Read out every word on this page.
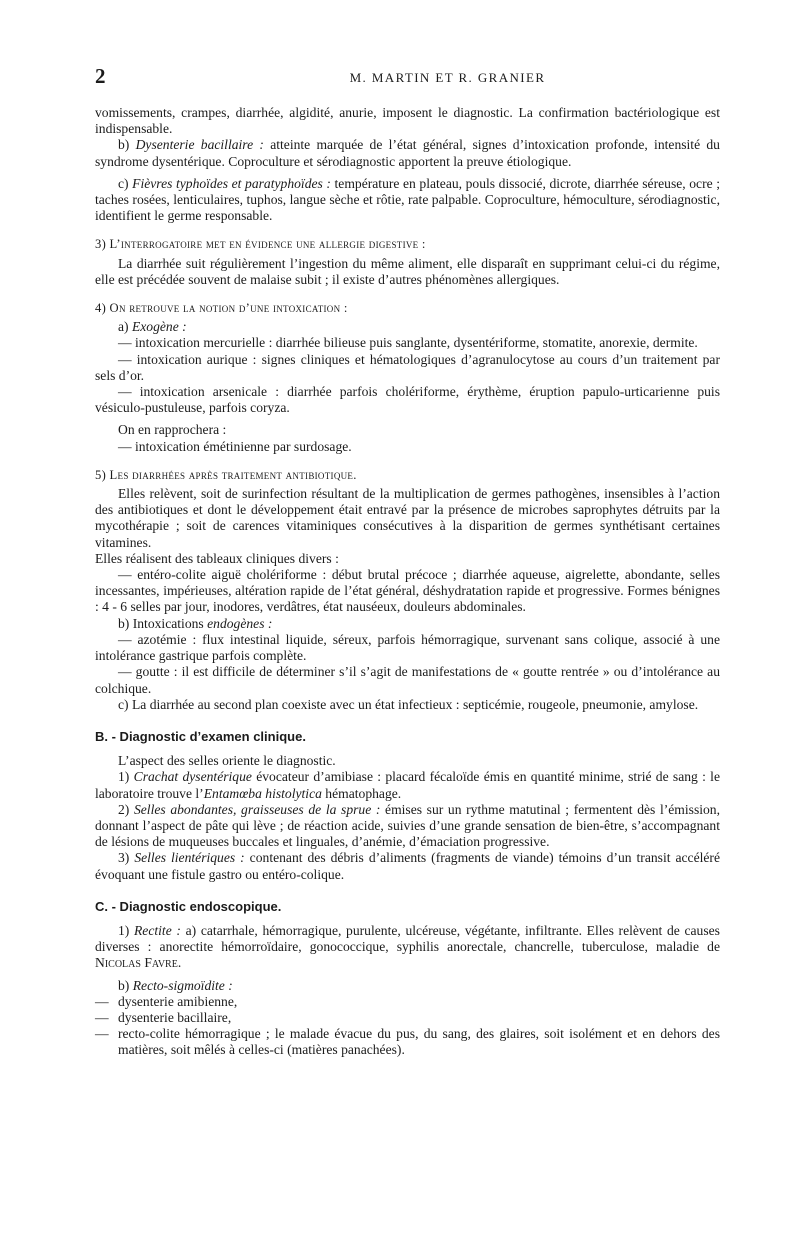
2	M. MARTIN ET R. GRANIER

vomissements, crampes, diarrhée, algidité, anurie, imposent le diagnostic. La confirmation bactériologique est indispensable.

b) Dysenterie bacillaire : atteinte marquée de l’état général, signes d’intoxication profonde, intensité du syndrome dysentérique. Coproculture et sérodiagnostic apportent la preuve étiologique.

c) Fièvres typhoïdes et paratyphoïdes : température en plateau, pouls dissocié, dicrote, diarrhée séreuse, ocre ; taches rosées, lenticulaires, tuphos, langue sèche et rôtie, rate palpable. Coproculture, hémoculture, sérodiagnostic, identifient le germe responsable.

3) L’interrogatoire met en évidence une allergie digestive :

La diarrhée suit régulièrement l’ingestion du même aliment, elle disparaît en supprimant celui-ci du régime, elle est précédée souvent de malaise subit ; il existe d’autres phénomènes allergiques.

4) On retrouve la notion d’une intoxication :

a) Exogène :

— intoxication mercurielle : diarrhée bilieuse puis sanglante, dysentériforme, stomatite, anorexie, dermite.

— intoxication aurique : signes cliniques et hématologiques d’agranulocytose au cours d’un traitement par sels d’or.

— intoxication arsenicale : diarrhée parfois cholériforme, érythème, éruption papulo-urticarienne puis vésiculo-pustuleuse, parfois coryza.

On en rapprochera :

— intoxication émétinienne par surdosage.

5) Les diarrhées après traitement antibiotique.

Elles relèvent, soit de surinfection résultant de la multiplication de germes pathogènes, insensibles à l’action des antibiotiques et dont le développement était entravé par la présence de microbes saprophytes détruits par la mycothérapie ; soit de carences vitaminiques consécutives à la disparition de germes synthétisant certaines vitamines.

Elles réalisent des tableaux cliniques divers :

— entéro-colite aiguë cholériforme : début brutal précoce ; diarrhée aqueuse, aigrelette, abondante, selles incessantes, impérieuses, altération rapide de l’état général, déshydratation rapide et progressive. Formes bénignes : 4 - 6 selles par jour, inodores, verdâtres, état nauséeux, douleurs abdominales.

b) Intoxications endogènes :

— azotémie : flux intestinal liquide, séreux, parfois hémorragique, survenant sans colique, associé à une intolérance gastrique parfois complète.

— goutte : il est difficile de déterminer s’il s’agit de manifestations de « goutte rentrée » ou d’intolérance au colchique.

c) La diarrhée au second plan coexiste avec un état infectieux : septicémie, rougeole, pneumonie, amylose.

B. - Diagnostic d’examen clinique.

L’aspect des selles oriente le diagnostic.

1) Crachat dysentérique évocateur d’amibiase : placard fécaloïde émis en quantité minime, strié de sang : le laboratoire trouve l’Entamœba histolytica hématophage.

2) Selles abondantes, graisseuses de la sprue : émises sur un rythme matutinal ; fermentent dès l’émission, donnant l’aspect de pâte qui lève ; de réaction acide, suivies d’une grande sensation de bien-être, s’accompagnant de lésions de muqueuses buccales et linguales, d’anémie, d’émaciation progressive.

3) Selles lientériques : contenant des débris d’aliments (fragments de viande) témoins d’un transit accéléré évoquant une fistule gastro ou entéro-colique.

C. - Diagnostic endoscopique.

1) Rectite : a) catarrhale, hémorragique, purulente, ulcéreuse, végétante, infiltrante. Elles relèvent de causes diverses : anorectite hémorroïdaire, gonococcique, syphilis anorectale, chancrelle, tuberculose, maladie de Nicolas Favre.

b) Recto-sigmoïdite :

— dysenterie amibienne,
— dysenterie bacillaire,
— recto-colite hémorragique ; le malade évacue du pus, du sang, des glaires, soit isolément et en dehors des matières, soit mêlés à celles-ci (matières panachées).
